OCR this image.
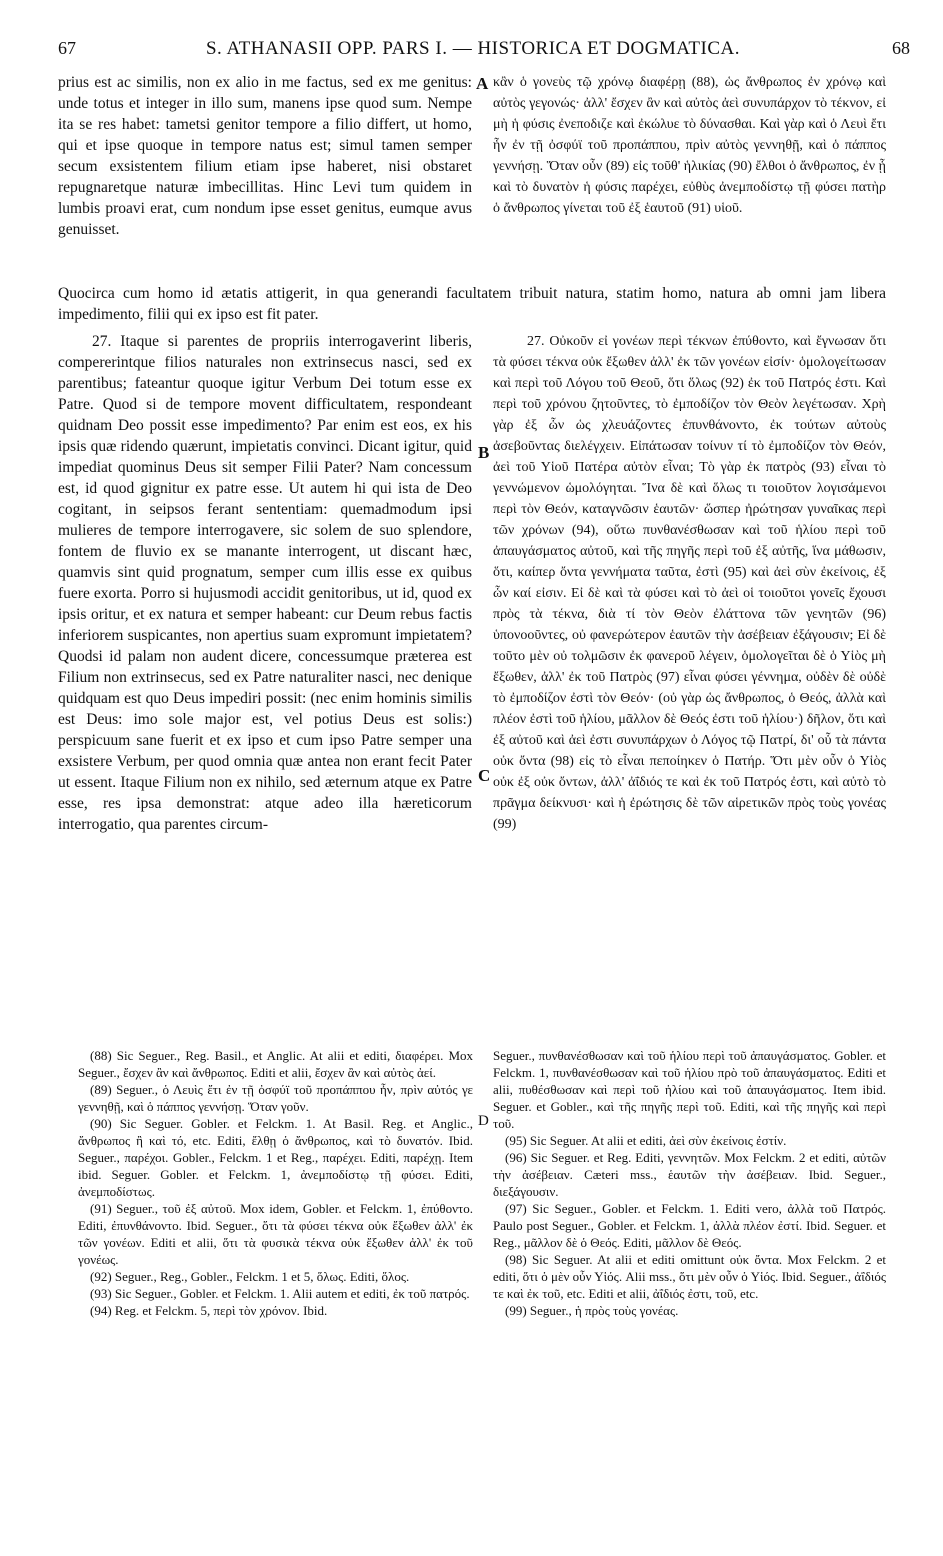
67	S. ATHANASII OPP. PARS I. — HISTORICA ET DOGMATICA.	68

prius est ac similis, non ex alio in me factus, sed ex me genitus: unde totus et integer in illo sum, manens ipse quod sum. Nempe ita se res habet: tametsi genitor tempore a filio differt, ut homo, qui et ipse quoque in tempore natus est; simul tamen semper secum exsistentem filium etiam ipse haberet, nisi obstaret repugnaretque naturæ imbecillitas. Hinc Levi tum quidem in lumbis proavi erat, cum nondum ipse esset genitus, eumque avus genuisset.

A κἂν ὁ γονεὺς τῷ χρόνῳ διαφέρῃ (88), ὡς ἄνθρωπος ἐν χρόνῳ καὶ αὐτὸς γεγονώς· ἀλλ' ἔσχεν ἂν καὶ αὐτὸς ἀεὶ συνυπάρχον τὸ τέκνον, εἰ μὴ ἡ φύσις ἐνεποδιζε καὶ ἐκώλυε τὸ δύνασθαι. Καὶ γὰρ καὶ ὁ Λευὶ ἔτι ἦν ἐν τῇ ὀσφύϊ τοῦ προπάππου, πρὶν αὐτὸς γεννηθῇ, καὶ ὁ πάππος γεννήσῃ. Ὅταν οὖν (89) εἰς τοῦθ' ἡλικίας (90) ἔλθοι ὁ ἄνθρωπος, ἐν ᾗ καὶ τὸ δυνατὸν ἡ φύσις παρέχει, εὐθὺς ἀνεμποδίστῳ τῇ φύσει πατὴρ ὁ ἄνθρωπος γίνεται τοῦ ἐξ ἑαυτοῦ (91) υἱοῦ.

Quocirca cum homo id ætatis attigerit, in qua generandi facultatem tribuit natura, statim homo, natura ab omni jam libera impedimento, filii qui ex ipso est fit pater.

27. Itaque si parentes de propriis interrogaverint liberis, compererintque filios naturales non extrinsecus nasci, sed ex parentibus; fateantur quoque igitur Verbum Dei totum esse ex Patre. Quod si de tempore movent difficultatem, respondeant quidnam Deo possit esse impedimento? Par enim est eos, ex his ipsis quæ ridendo quærunt, impietatis convinci. Dicant igitur, quid impediat quominus Deus sit semper Filii Pater? Nam concessum est, id quod gignitur ex patre esse. Ut autem hi qui ista de Deo cogitant, in seipsos ferant sententiam: quemadmodum ipsi mulieres de tempore interrogavere, sic solem de suo splendore, fontem de fluvio ex se manante interrogent, ut discant hæc, quamvis sint quid prognatum, semper cum illis esse ex quibus fuere exorta. Porro si hujusmodi accidit genitoribus, ut id, quod ex ipsis oritur, et ex natura et semper habeant: cur Deum rebus factis inferiorem suspicantes, non apertius suam expromunt impietatem? Quodsi id palam non audent dicere, concessumque præterea est Filium non extrinsecus, sed ex Patre naturaliter nasci, nec denique quidquam est quo Deus impediri possit: (nec enim hominis similis est Deus: imo sole major est, vel potius Deus est solis:) perspicuum sane fuerit et ex ipso et cum ipso Patre semper una exsistere Verbum, per quod omnia quæ antea non erant fecit Pater ut essent. Itaque Filium non ex nihilo, sed æternum atque ex Patre esse, res ipsa demonstrat: atque adeo illa hæreticorum interrogatio, qua parentes circum-

B
C

27. Οὐκοῦν εἰ γονέων περὶ τέκνων ἐπύθοντο, καὶ ἔγνωσαν ὅτι τὰ φύσει τέκνα οὐκ ἔξωθεν ἀλλ' ἐκ τῶν γονέων εἰσίν· ὁμολογείτωσαν καὶ περὶ τοῦ Λόγου τοῦ Θεοῦ, ὅτι ὅλως (92) ἐκ τοῦ Πατρός ἐστι. Καὶ περὶ τοῦ χρόνου ζητοῦντες, τὸ ἐμποδίζον τὸν Θεὸν λεγέτωσαν. Χρὴ γὰρ ἐξ ὧν ὡς χλευάζοντες ἐπυνθάνοντο, ἐκ τούτων αὐτοὺς ἀσεβοῦντας διελέγχειν. Εἰπάτωσαν τοίνυν τί τὸ ἐμποδίζον τὸν Θεόν, ἀεὶ τοῦ Υἱοῦ Πατέρα αὐτὸν εἶναι; Τὸ γὰρ ἐκ πατρὸς (93) εἶναι τὸ γεννώμενον ὡμολόγηται. Ἵνα δὲ καὶ ὅλως τι τοιοῦτον λογισάμενοι περὶ τὸν Θεόν, καταγνῶσιν ἑαυτῶν· ὥσπερ ἠρώτησαν γυναῖκας περὶ τῶν χρόνων (94), οὕτω πυνθανέσθωσαν καὶ τοῦ ἡλίου περὶ τοῦ ἀπαυγάσματος αὐτοῦ, καὶ τῆς πηγῆς περὶ τοῦ ἐξ αὐτῆς, ἵνα μάθωσιν, ὅτι, καίπερ ὄντα γεννήματα ταῦτα, ἐστὶ (95) καὶ ἀεὶ σὺν ἐκείνοις, ἐξ ὧν καί εἰσιν. Εἰ δὲ καὶ τὰ φύσει καὶ τὸ ἀεὶ οἱ τοιοῦτοι γονεῖς ἔχουσι πρὸς τὰ τέκνα, διὰ τί τὸν Θεὸν ἐλάττονα τῶν γενητῶν (96) ὑπονοοῦντες, οὐ φανερώτερον ἑαυτῶν τὴν ἀσέβειαν ἐξάγουσιν; Εἰ δὲ τοῦτο μὲν οὐ τολμῶσιν ἐκ φανεροῦ λέγειν, ὁμολογεῖται δὲ ὁ Υἱὸς μὴ ἔξωθεν, ἀλλ' ἐκ τοῦ Πατρὸς (97) εἶναι φύσει γέννημα, οὐδὲν δὲ οὐδὲ τὸ ἐμποδίζον ἐστὶ τὸν Θεόν· (οὐ γὰρ ὡς ἄνθρωπος, ὁ Θεός, ἀλλὰ καὶ πλέον ἐστὶ τοῦ ἡλίου, μᾶλλον δὲ Θεός ἐστι τοῦ ἡλίου·) δῆλον, ὅτι καὶ ἐξ αὐτοῦ καὶ ἀεὶ ἐστι συνυπάρχων ὁ Λόγος τῷ Πατρί, δι' οὗ τὰ πάντα οὐκ ὄντα (98) εἰς τὸ εἶναι πεποίηκεν ὁ Πατήρ. Ὅτι μὲν οὖν ὁ Υἱὸς οὐκ ἐξ οὐκ ὄντων, ἀλλ' ἀΐδιός τε καὶ ἐκ τοῦ Πατρός ἐστι, καὶ αὐτὸ τὸ πρᾶγμα δείκνυσι· καὶ ἡ ἐρώτησις δὲ τῶν αἱρετικῶν πρὸς τοὺς γονέας (99)

(88) Sic Seguer., Reg. Basil., et Anglic. At alii et editi, διαφέρει. Mox Seguer., ἔσχεν ἂν καὶ ἄνθρωπος. Editi et alii, ἔσχεν ἂν καὶ αὐτὸς ἀεί.

(89) Seguer., ὁ Λευὶς ἔτι ἐν τῇ ὀσφύϊ τοῦ προπάππου ἦν, πρὶν αὐτός γε γεννηθῇ, καὶ ὁ πάππος γεννήσῃ. Ὅταν γοῦν.

(90) Sic Seguer. Gobler. et Felckm. 1. At Basil. Reg. et Anglic., ἄνθρωπος ἢ καὶ τό, etc. Editi, ἔλθῃ ὁ ἄνθρωπος, καὶ τὸ δυνατόν. Ibid. Seguer., παρέχοι. Gobler., Felckm. 1 et Reg., παρέχει. Editi, παρέχῃ. Item ibid. Seguer. Gobler. et Felckm. 1, ἀνεμποδίστῳ τῇ φύσει. Editi, ἀνεμποδίστως.

(91) Seguer., τοῦ ἐξ αὐτοῦ. Mox idem, Gobler. et Felckm. 1, ἐπύθοντο. Editi, ἐπυνθάνοντο. Ibid. Seguer., ὅτι τὰ φύσει τέκνα οὐκ ἔξωθεν ἀλλ' ἐκ τῶν γονέων. Editi et alii, ὅτι τὰ φυσικὰ τέκνα οὐκ ἔξωθεν ἀλλ' ἐκ τοῦ γονέως.

(92) Seguer., Reg., Gobler., Felckm. 1 et 5, ὅλως. Editi, ὅλος.

(93) Sic Seguer., Gobler. et Felckm. 1. Alii autem et editi, ἐκ τοῦ πατρός.

(94) Reg. et Felckm. 5, περὶ τὸν χρόνον. Ibid.

D

Seguer., πυνθανέσθωσαν καὶ τοῦ ἡλίου περὶ τοῦ ἀπαυγάσματος. Gobler. et Felckm. 1, πυνθανέσθωσαν καὶ τοῦ ἡλίου πρὸ τοῦ ἀπαυγάσματος. Editi et alii, πυθέσθωσαν καὶ περὶ τοῦ ἡλίου καὶ τοῦ ἀπαυγάσματος. Item ibid. Seguer. et Gobler., καὶ τῆς πηγῆς περὶ τοῦ. Editi, καὶ τῆς πηγῆς καὶ περὶ τοῦ.

(95) Sic Seguer. At alii et editi, ἀεὶ σὺν ἐκείνοις ἐστίν.

(96) Sic Seguer. et Reg. Editi, γεννητῶν. Mox Felckm. 2 et editi, αὐτῶν τὴν ἀσέβειαν. Cæteri mss., ἑαυτῶν τὴν ἀσέβειαν. Ibid. Seguer., διεξάγουσιν.

(97) Sic Seguer., Gobler. et Felckm. 1. Editi vero, ἀλλὰ τοῦ Πατρός. Paulo post Seguer., Gobler. et Felckm. 1, ἀλλὰ πλέον ἐστί. Ibid. Seguer. et Reg., μᾶλλον δὲ ὁ Θεός. Editi, μᾶλλον δὲ Θεός.

(98) Sic Seguer. At alii et editi omittunt οὐκ ὄντα. Mox Felckm. 2 et editi, ὅτι ὁ μὲν οὖν Υἱός. Alii mss., ὅτι μὲν οὖν ὁ Υἱός. Ibid. Seguer., ἀΐδιός τε καὶ ἐκ τοῦ, etc. Editi et alii, ἀΐδιός ἐστι, τοῦ, etc.

(99) Seguer., ἡ πρὸς τοὺς γονέας.
